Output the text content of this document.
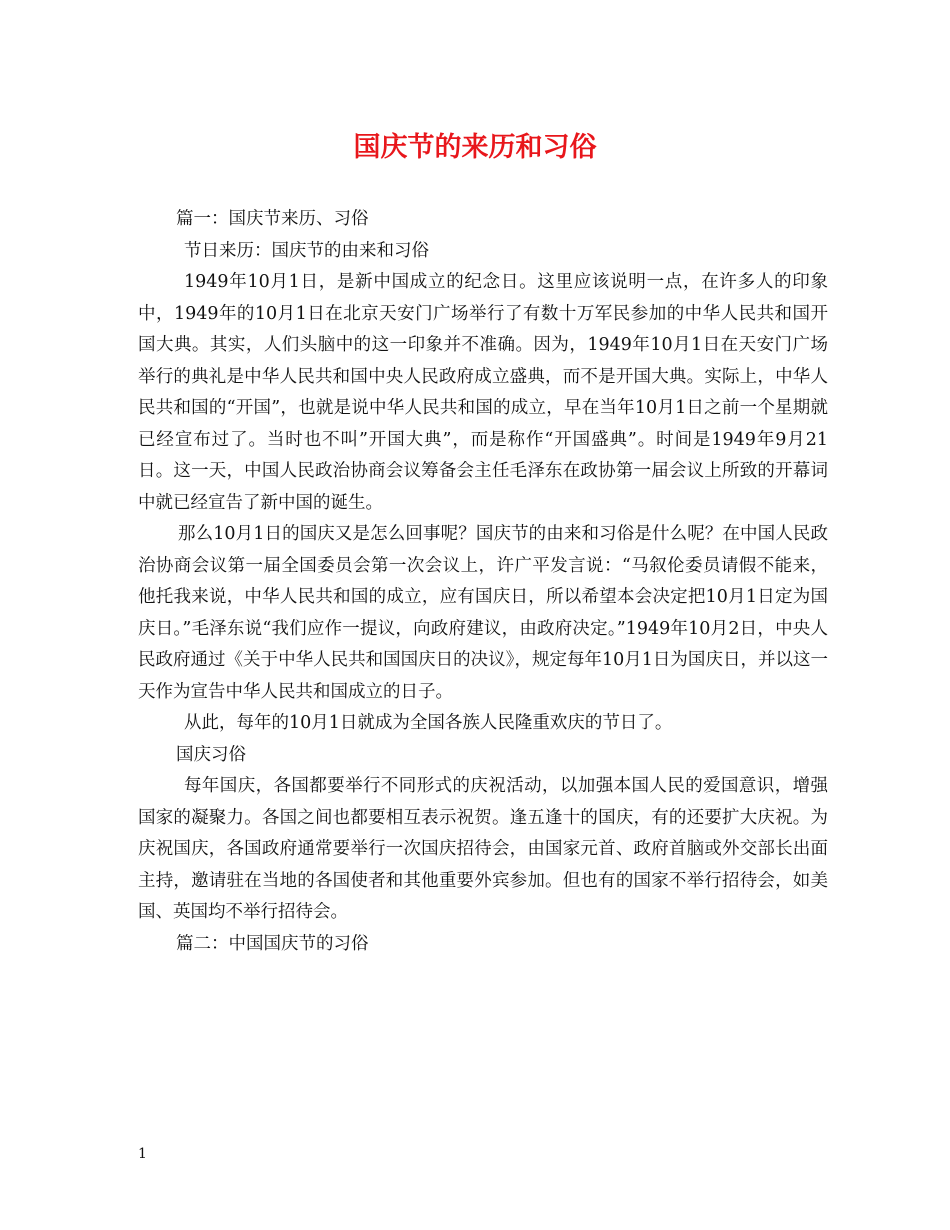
国庆节的来历和习俗

篇一：国庆节来历、习俗

节日来历：国庆节的由来和习俗

1949年10月1日，是新中国成立的纪念日。这里应该说明一点，在许多人的印象中，1949年的10月1日在北京天安门广场举行了有数十万军民参加的中华人民共和国开国大典。其实，人们头脑中的这一印象并不准确。因为，1949年10月1日在天安门广场举行的典礼是中华人民共和国中央人民政府成立盛典，而不是开国大典。实际上，中华人民共和国的“开国”，也就是说中华人民共和国的成立，早在当年10月1日之前一个星期就已经宣布过了。当时也不叫”开国大典”，而是称作“开国盛典”。时间是1949年9月21日。这一天，中国人民政治协商会议筹备会主任毛泽东在政协第一届会议上所致的开幕词中就已经宣告了新中国的诞生。

那么10月1日的国庆又是怎么回事呢？国庆节的由来和习俗是什么呢？在中国人民政治协商会议第一届全国委员会第一次会议上，许广平发言说：“马叙伦委员请假不能来，他托我来说，中华人民共和国的成立，应有国庆日，所以希望本会决定把10月1日定为国庆日。”毛泽东说“我们应作一提议，向政府建议，由政府决定。”1949年10月2日，中央人民政府通过《关于中华人民共和国国庆日的决议》，规定每年10月1日为国庆日，并以这一天作为宣告中华人民共和国成立的日子。

从此，每年的10月1日就成为全国各族人民隆重欢庆的节日了。

国庆习俗

每年国庆，各国都要举行不同形式的庆祝活动，以加强本国人民的爱国意识，增强国家的凝聚力。各国之间也都要相互表示祝贺。逢五逢十的国庆，有的还要扩大庆祝。为庆祝国庆，各国政府通常要举行一次国庆招待会，由国家元首、政府首脑或外交部长出面主持，邀请驻在当地的各国使者和其他重要外宾参加。但也有的国家不举行招待会，如美国、英国均不举行招待会。

篇二：中国国庆节的习俗

1
